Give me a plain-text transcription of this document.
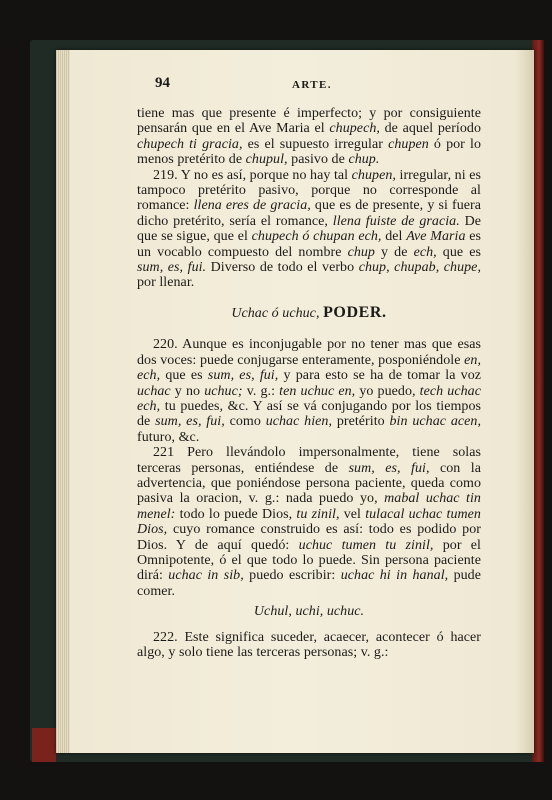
94	ARTE.

tiene mas que presente é imperfecto; y por consiguiente pensarán que en el Ave Maria el chupech, de aquel período chupech ti gracia, es el supuesto irregular chupen ó por lo menos pretérito de chupul, pasivo de chup.

219. Y no es así, porque no hay tal chupen, irregular, ni es tampoco pretérito pasivo, porque no corresponde al romance: llena eres de gracia, que es de presente, y si fuera dicho pretérito, sería el romance, llena fuiste de gracia. De que se sigue, que el chupech ó chupan ech, del Ave Maria es un vocablo compuesto del nombre chup y de ech, que es sum, es, fui. Diverso de todo el verbo chup, chupab, chupe, por llenar.

Uchac ó uchuc, PODER.

220. Aunque es inconjugable por no tener mas que esas dos voces: puede conjugarse enteramente, posponiéndole en, ech, que es sum, es, fui, y para esto se ha de tomar la voz uchac y no uchuc; v. g.: ten uchuc en, yo puedo, tech uchac ech, tu puedes, &c. Y así se vá conjugando por los tiempos de sum, es, fui, como uchac hien, pretérito bin uchac acen, futuro, &c.

221 Pero llevándolo impersonalmente, tiene solas terceras personas, entiéndese de sum, es, fui, con la advertencia, que poniéndose persona paciente, queda como pasiva la oracion, v. g.: nada puedo yo, mabal uchac tin menel: todo lo puede Dios, tu zinil, vel tulacal uchac tumen Dios, cuyo romance construido es así: todo es podido por Dios. Y de aquí quedó: uchuc tumen tu zinil, por el Omnipotente, ó el que todo lo puede. Sin persona paciente dirá: uchac in sib, puedo escribir: uchac hi in hanal, pude comer.

Uchul, uchi, uchuc.

222. Este significa suceder, acaecer, acontecer ó hacer algo, y solo tiene las terceras personas; v. g.:
